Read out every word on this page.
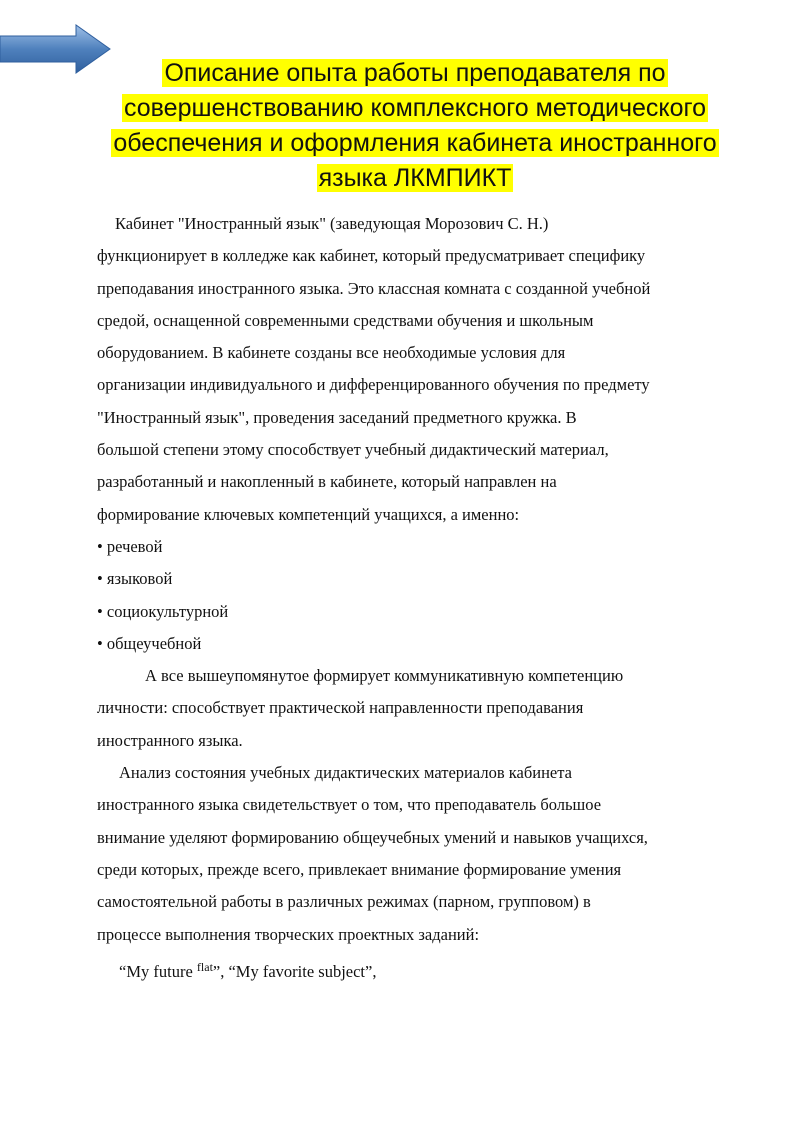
Описание опыта работы преподавателя по
совершенствованию комплексного методического
обеспечения и оформления кабинета иностранного
языка ЛКМПИКТ
Кабинет "Иностранный язык" (заведующая Морозович С. Н.)
функционирует в колледже как кабинет, который предусматривает специфику
преподавания иностранного языка. Это классная комната с созданной учебной
средой, оснащенной современными средствами обучения и школьным
оборудованием. В кабинете созданы все необходимые условия для
организации индивидуального и дифференцированного обучения по предмету
"Иностранный язык", проведения заседаний предметного кружка. В
большой степени этому способствует учебный дидактический материал,
разработанный и накопленный в кабинете, который направлен на
формирование ключевых компетенций учащихся, а именно:
• речевой
• языковой
• социокультурной
• общеучебной
А все вышеупомянутое формирует коммуникативную компетенцию
личности: способствует практической направленности преподавания
иностранного языка.
Анализ состояния учебных дидактических материалов кабинета
иностранного языка свидетельствует о том, что преподаватель большое
внимание уделяют формированию общеучебных умений и навыков учащихся,
среди которых, прежде всего, привлекает внимание формирование умения
самостоятельной работы в различных режимах (парном, групповом) в
процессе выполнения творческих проектных заданий:
“My future $^{flat}$”, “My favorite subject”,
